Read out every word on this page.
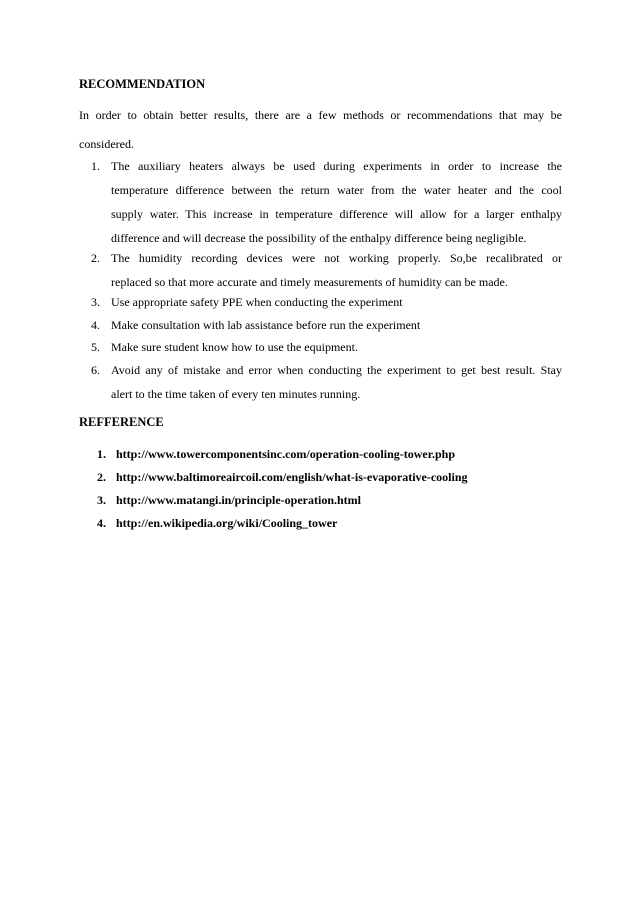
RECOMMENDATION
In order to obtain better results, there are a few methods or recommendations that may be
considered.
1. The auxiliary heaters always be used during experiments in order to increase the
temperature difference between the return water from the water heater and the cool
supply water. This increase in temperature difference will allow for a larger enthalpy
difference and will decrease the possibility of the enthalpy difference being negligible.
2. The humidity recording devices were not working properly. So,be recalibrated or
replaced so that more accurate and timely measurements of humidity can be made.
3. Use appropriate safety PPE when conducting the experiment
4. Make consultation with lab assistance before run the experiment
5. Make sure student know how to use the equipment.
6. Avoid any of mistake and error when conducting the experiment to get best result. Stay
alert to the time taken of every ten minutes running.
REFFERENCE
1. http://www.towercomponentsinc.com/operation-cooling-tower.php
2. http://www.baltimoreaircoil.com/english/what-is-evaporative-cooling
3. http://www.matangi.in/principle-operation.html
4. http://en.wikipedia.org/wiki/Cooling_tower
